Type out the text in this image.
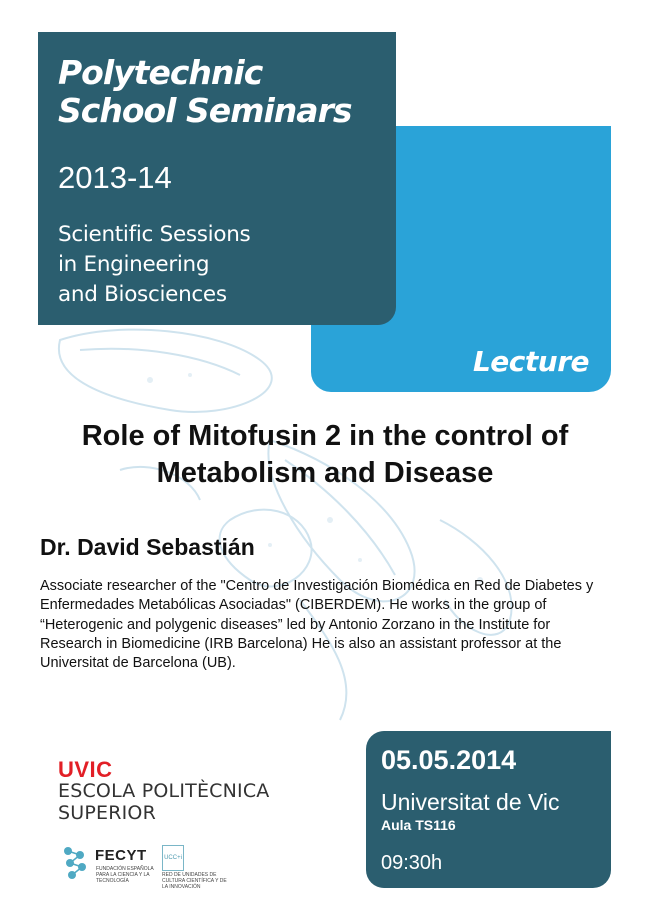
Lecture
Polytechnic
School Seminars
2013-14
Scientific Sessions
in Engineering
and Biosciences
Role of Mitofusin 2 in the control of
Metabolism and Disease
Dr. David Sebastián

Associate researcher of the "Centro de Investigación Biomédica en Red de Diabetes y Enfermedades Metabólicas Asociadas" (CIBERDEM). He works in the group of “Heterogenic and polygenic diseases” led by Antonio Zorzano in the Institute for Research in Biomedicine (IRB Barcelona) He is also an assistant professor at the Universitat de Barcelona (UB).

UVIC
ESCOLA POLITÈCNICA
SUPERIOR
FECYT
FUNDACIÓN ESPAÑOLA PARA LA CIENCIA Y LA TECNOLOGÍA
UCC+i
RED DE UNIDADES DE CULTURA CIENTÍFICA Y DE LA INNOVACIÓN
05.05.2014
Universitat de Vic
Aula TS116
09:30h
